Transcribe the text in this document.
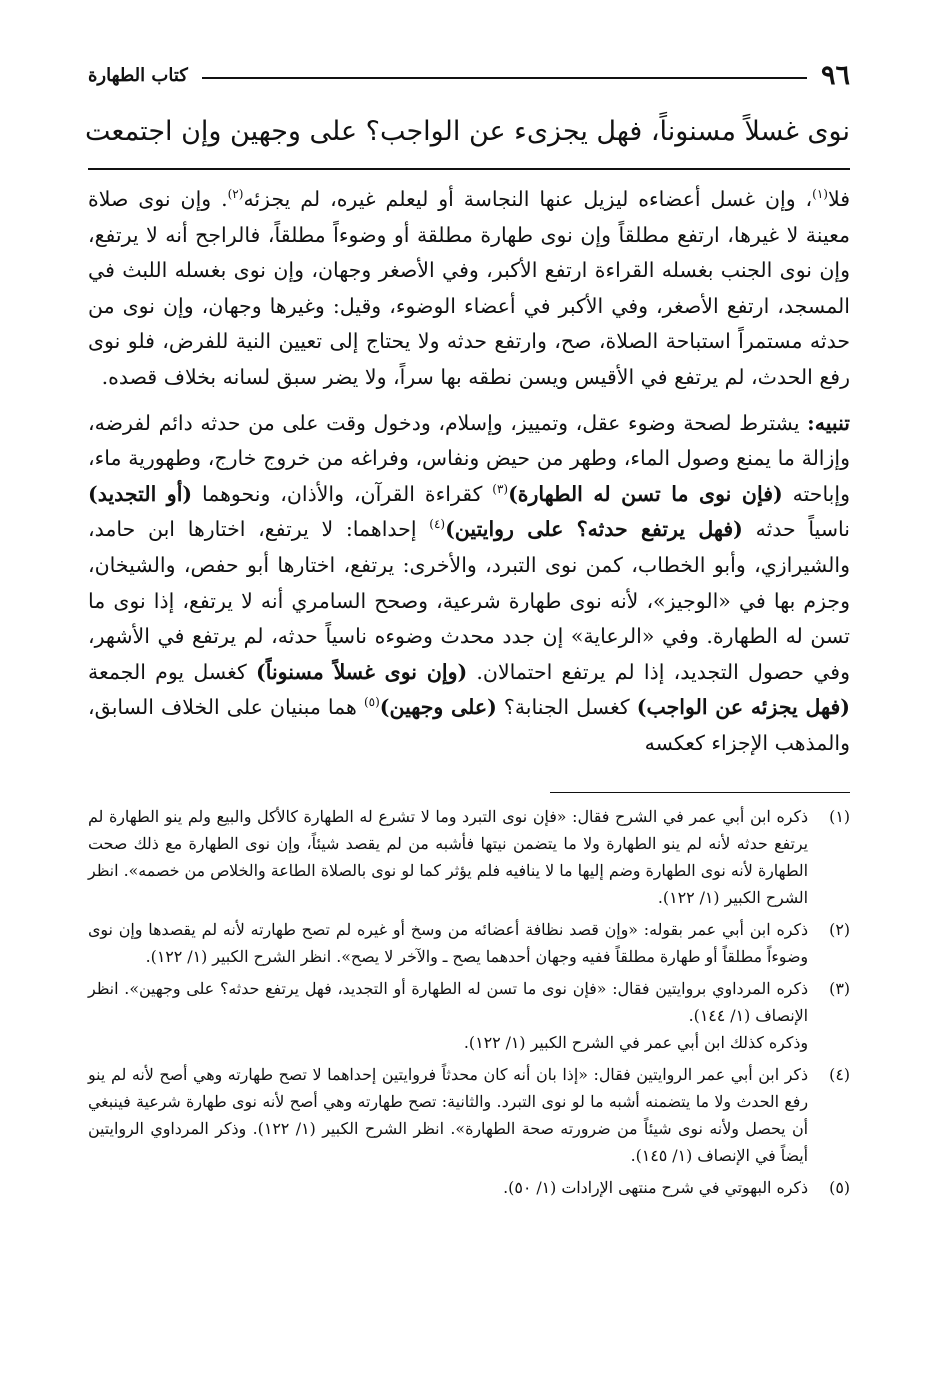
٩٦
كتاب الطهارة
نوى غسلاً مسنوناً، فهل يجزىء عن الواجب؟ على وجهين وإن اجتمعت

فلا$^{(١)}$، وإن غسل أعضاءه ليزيل عنها النجاسة أو ليعلم غيره، لم يجزئه$^{(٢)}$. وإن نوى صلاة معينة لا غيرها، ارتفع مطلقاً وإن نوى طهارة مطلقة أو وضوءاً مطلقاً، فالراجح أنه لا يرتفع، وإن نوى الجنب بغسله القراءة ارتفع الأكبر، وفي الأصغر وجهان، وإن نوى بغسله اللبث في المسجد، ارتفع الأصغر، وفي الأكبر في أعضاء الوضوء، وقيل: وغيرها وجهان، وإن نوى من حدثه مستمراً استباحة الصلاة، صح، وارتفع حدثه ولا يحتاج إلى تعيين النية للفرض، فلو نوى رفع الحدث، لم يرتفع في الأقيس ويسن نطقه بها سراً، ولا يضر سبق لسانه بخلاف قصده.

تنبيه: يشترط لصحة وضوء عقل، وتمييز، وإسلام، ودخول وقت على من حدثه دائم لفرضه، وإزالة ما يمنع وصول الماء، وطهر من حيض ونفاس، وفراغه من خروج خارج، وطهورية ماء، وإباحته (فإن نوى ما تسن له الطهارة)$^{(٣)}$ كقراءة القرآن، والأذان، ونحوهما (أو التجديد) ناسياً حدثه (فهل يرتفع حدثه؟ على روايتين)$^{(٤)}$ إحداهما: لا يرتفع، اختارها ابن حامد، والشيرازي، وأبو الخطاب، كمن نوى التبرد، والأخرى: يرتفع، اختارها أبو حفص، والشيخان، وجزم بها في «الوجيز»، لأنه نوى طهارة شرعية، وصحح السامري أنه لا يرتفع، إذا نوى ما تسن له الطهارة. وفي «الرعاية» إن جدد محدث وضوءه ناسياً حدثه، لم يرتفع في الأشهر، وفي حصول التجديد، إذا لم يرتفع احتمالان. (وإن نوى غسلاً مسنوناً) كغسل يوم الجمعة (فهل يجزئه عن الواجب) كغسل الجنابة؟ (على وجهين)$^{(٥)}$ هما مبنيان على الخلاف السابق، والمذهب الإجزاء كعكسه

(١)
ذكره ابن أبي عمر في الشرح فقال: «فإن نوى التبرد وما لا تشرع له الطهارة كالأكل والبيع ولم ينو الطهارة لم يرتفع حدثه لأنه لم ينو الطهارة ولا ما يتضمن نيتها فأشبه من لم يقصد شيئاً، وإن نوى الطهارة مع ذلك صحت الطهارة لأنه نوى الطهارة وضم إليها ما لا ينافيه فلم يؤثر كما لو نوى بالصلاة الطاعة والخلاص من خصمه». انظر الشرح الكبير (١/ ١٢٢).
(٢)
ذكره ابن أبي عمر بقوله: «وإن قصد نظافة أعضائه من وسخ أو غيره لم تصح طهارته لأنه لم يقصدها وإن نوى وضوءاً مطلقاً أو طهارة مطلقاً ففيه وجهان أحدهما يصح ـ والآخر لا يصح». انظر الشرح الكبير (١/ ١٢٢).
(٣)
ذكره المرداوي بروايتين فقال: «فإن نوى ما تسن له الطهارة أو التجديد، فهل يرتفع حدثه؟ على وجهين». انظر الإنصاف (١/ ١٤٤).
وذكره كذلك ابن أبي عمر في الشرح الكبير (١/ ١٢٢).
(٤)
ذكر ابن أبي عمر الروايتين فقال: «إذا بان أنه كان محدثاً فروايتين إحداهما لا تصح طهارته وهي أصح لأنه لم ينو رفع الحدث ولا ما يتضمنه أشبه ما لو نوى التبرد. والثانية: تصح طهارته وهي أصح لأنه نوى طهارة شرعية فينبغي أن يحصل ولأنه نوى شيئاً من ضرورته صحة الطهارة». انظر الشرح الكبير (١/ ١٢٢). وذكر المرداوي الروايتين أيضاً في الإنصاف (١/ ١٤٥).
(٥)
ذكره البهوتي في شرح منتهى الإرادات (١/ ٥٠).
